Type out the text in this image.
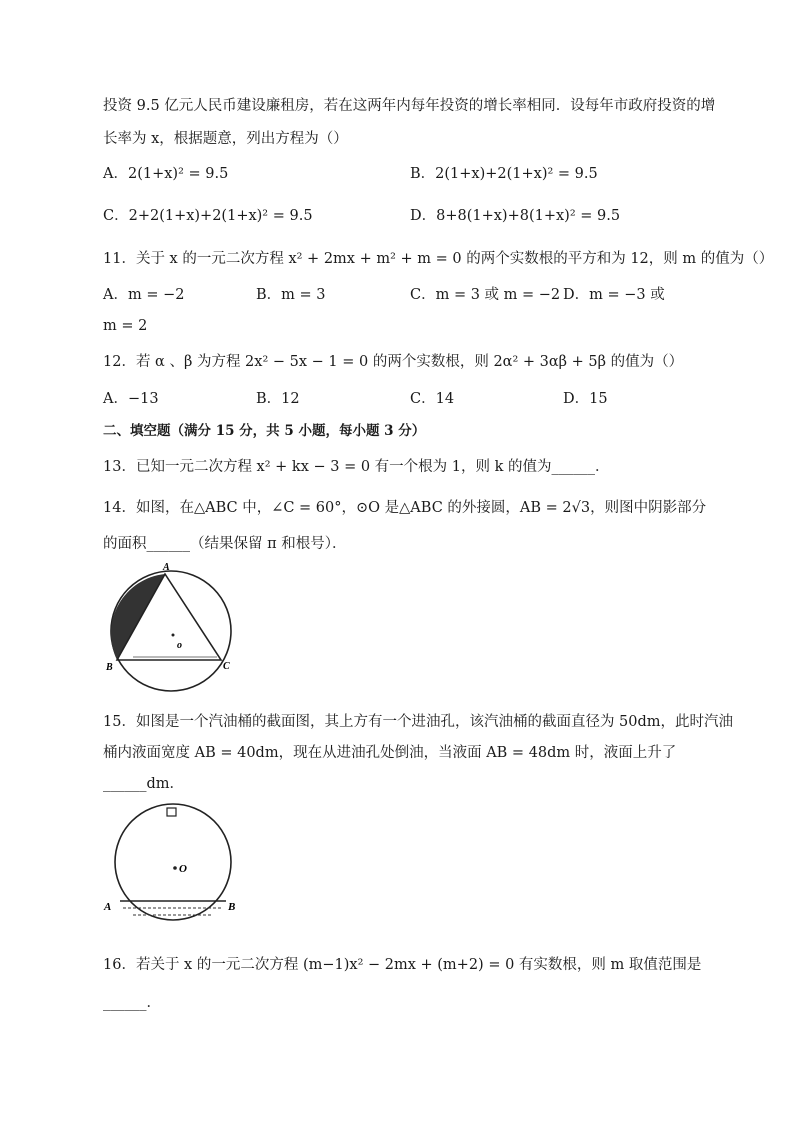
投资 9.5 亿元人民币建设廉租房，若在这两年内每年投资的增长率相同．设每年市政府投资的增
长率为 x，根据题意，列出方程为（）
A．2(1+x)² = 9.5	B．2(1+x)+2(1+x)² = 9.5
C．2+2(1+x)+2(1+x)² = 9.5	D．8+8(1+x)+8(1+x)² = 9.5
11．关于 x 的一元二次方程 x² + 2mx + m² + m = 0 的两个实数根的平方和为 12，则 m 的值为（）
A．m = −2	B．m = 3	C．m = 3 或 m = −2 D．m = −3 或
m = 2
12．若 α 、β 为方程 2x² − 5x − 1 = 0 的两个实数根，则 2α² + 3αβ + 5β 的值为（）
A．−13	B．12	C．14	D．15
二、填空题（满分 15 分，共 5 小题，每小题 3 分）
13．已知一元二次方程 x² + kx − 3 = 0 有一个根为 1，则 k 的值为______．
14．如图，在△ABC 中，∠C = 60°，⊙O 是△ABC 的外接圆，AB = 2√3，则图中阴影部分
的面积______（结果保留 π 和根号）．
A
B	C
o
15．如图是一个汽油桶的截面图，其上方有一个进油孔，该汽油桶的截面直径为 50dm，此时汽油
桶内液面宽度 AB = 40dm，现在从进油孔处倒油，当液面 AB = 48dm 时，液面上升了
______dm．
A	B
O
16．若关于 x 的一元二次方程 (m−1)x² − 2mx + (m+2) = 0 有实数根，则 m 取值范围是
______．
